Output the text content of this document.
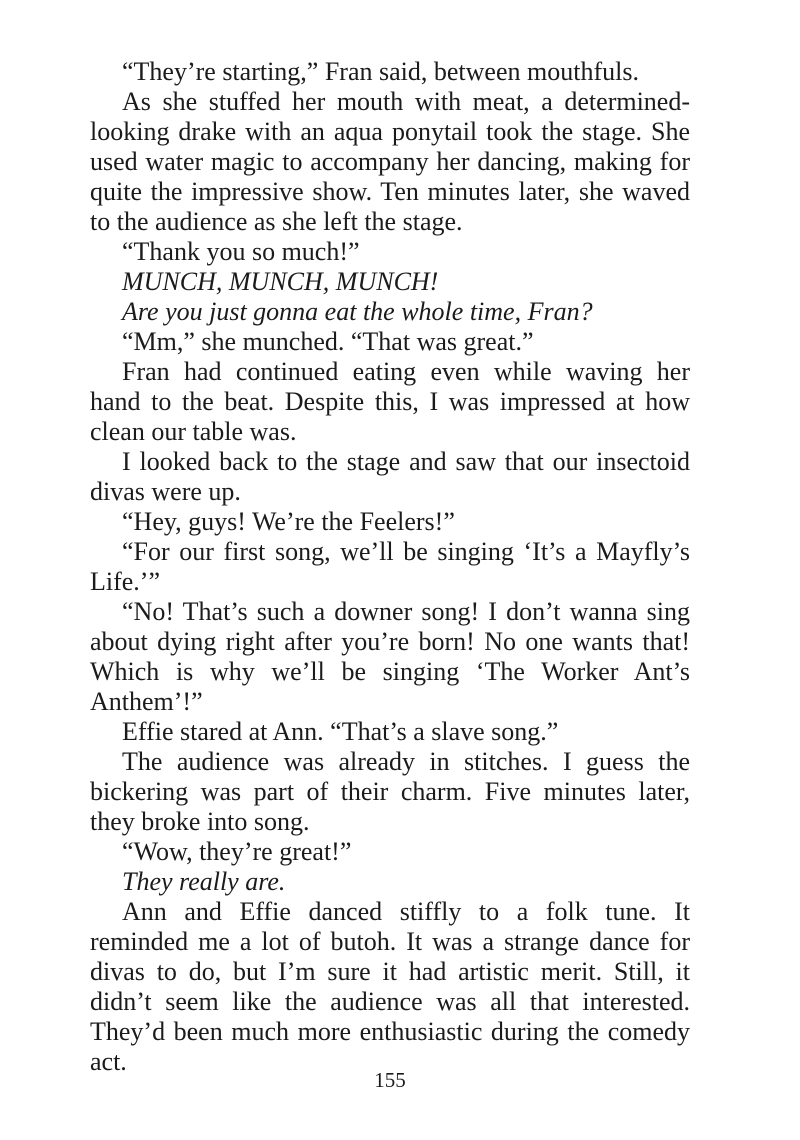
“They’re starting,” Fran said, between mouthfuls.

As she stuffed her mouth with meat, a determined-looking drake with an aqua ponytail took the stage. She used water magic to accompany her dancing, making for quite the impressive show. Ten minutes later, she waved to the audience as she left the stage.

“Thank you so much!”

MUNCH, MUNCH, MUNCH!

Are you just gonna eat the whole time, Fran?

“Mm,” she munched. “That was great.”

Fran had continued eating even while waving her hand to the beat. Despite this, I was impressed at how clean our table was.

I looked back to the stage and saw that our insectoid divas were up.

“Hey, guys! We’re the Feelers!”

“For our first song, we’ll be singing ‘It’s a Mayfly’s Life.’”

“No! That’s such a downer song! I don’t wanna sing about dying right after you’re born! No one wants that! Which is why we’ll be singing ‘The Worker Ant’s Anthem’!”

Effie stared at Ann. “That’s a slave song.”

The audience was already in stitches. I guess the bickering was part of their charm. Five minutes later, they broke into song.

“Wow, they’re great!”

They really are.

Ann and Effie danced stiffly to a folk tune. It reminded me a lot of butoh. It was a strange dance for divas to do, but I’m sure it had artistic merit. Still, it didn’t seem like the audience was all that interested. They’d been much more enthusiastic during the comedy act.

155
